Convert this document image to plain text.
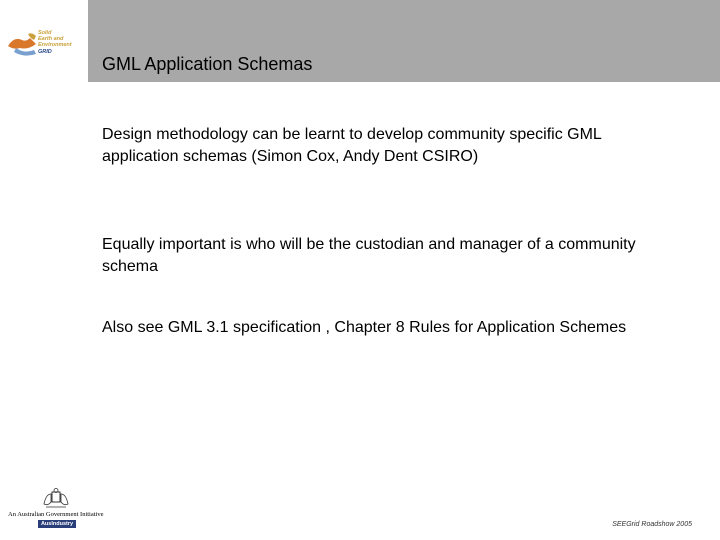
Solid
Earth and
Environment
GRID
GML Application Schemas
Design methodology can be learnt to develop community specific GML application schemas (Simon Cox, Andy Dent CSIRO)
Equally important is who will be the custodian and manager of a community schema
Also see GML 3.1 specification , Chapter 8 Rules for Application Schemes
An Australian Government Initiative
AusIndustry	SEEGrid Roadshow 2005
